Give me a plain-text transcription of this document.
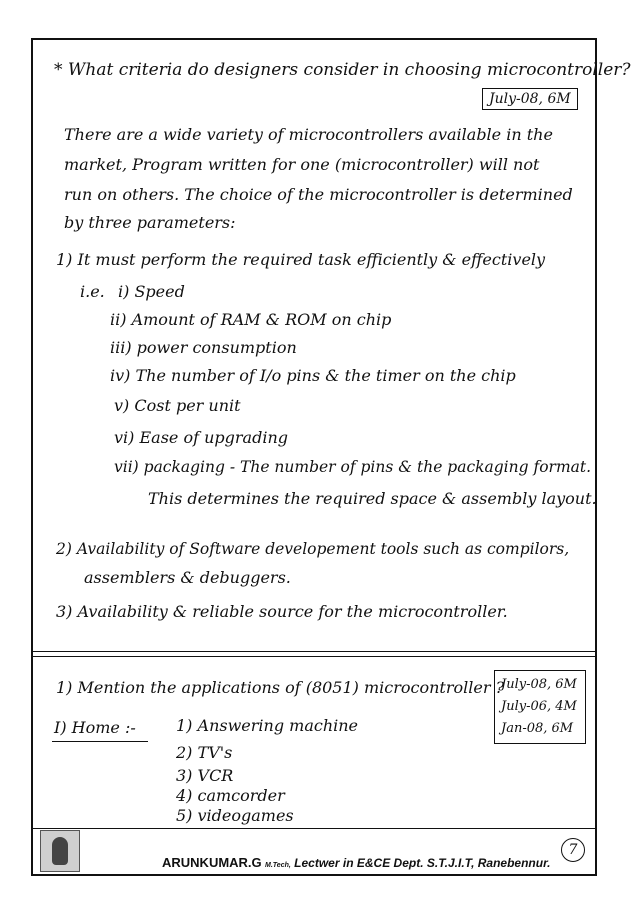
* What criteria do designers consider in choosing microcontroller?
July-08, 6M
There are a wide variety of microcontrollers available in the
market, Program written for one (microcontroller) will not
run on others. The choice of the microcontroller is determined
by three parameters:
1) It must perform the required task efficiently & effectively
i.e. i) Speed
ii) Amount of RAM & ROM on chip
iii) power consumption
iv) The number of I/o pins & the timer on the chip
v) Cost per unit
vi) Ease of upgrading
vii) packaging - The number of pins & the packaging format.
This determines the required space & assembly layout.
2) Availability of Software developement tools such as compilors,
assemblers & debuggers.
3) Availability & reliable source for the microcontroller.
1) Mention the applications of (8051) microcontroller ?
July-08, 6M
July-06, 4M
Jan-08, 6M
I) Home :-	1) Answering machine
2) TV's
3) VCR
4) camcorder
5) videogames
ARUNKUMAR.G M.Tech, Lectwer in E&CE Dept. S.T.J.I.T, Ranebennur.
7
